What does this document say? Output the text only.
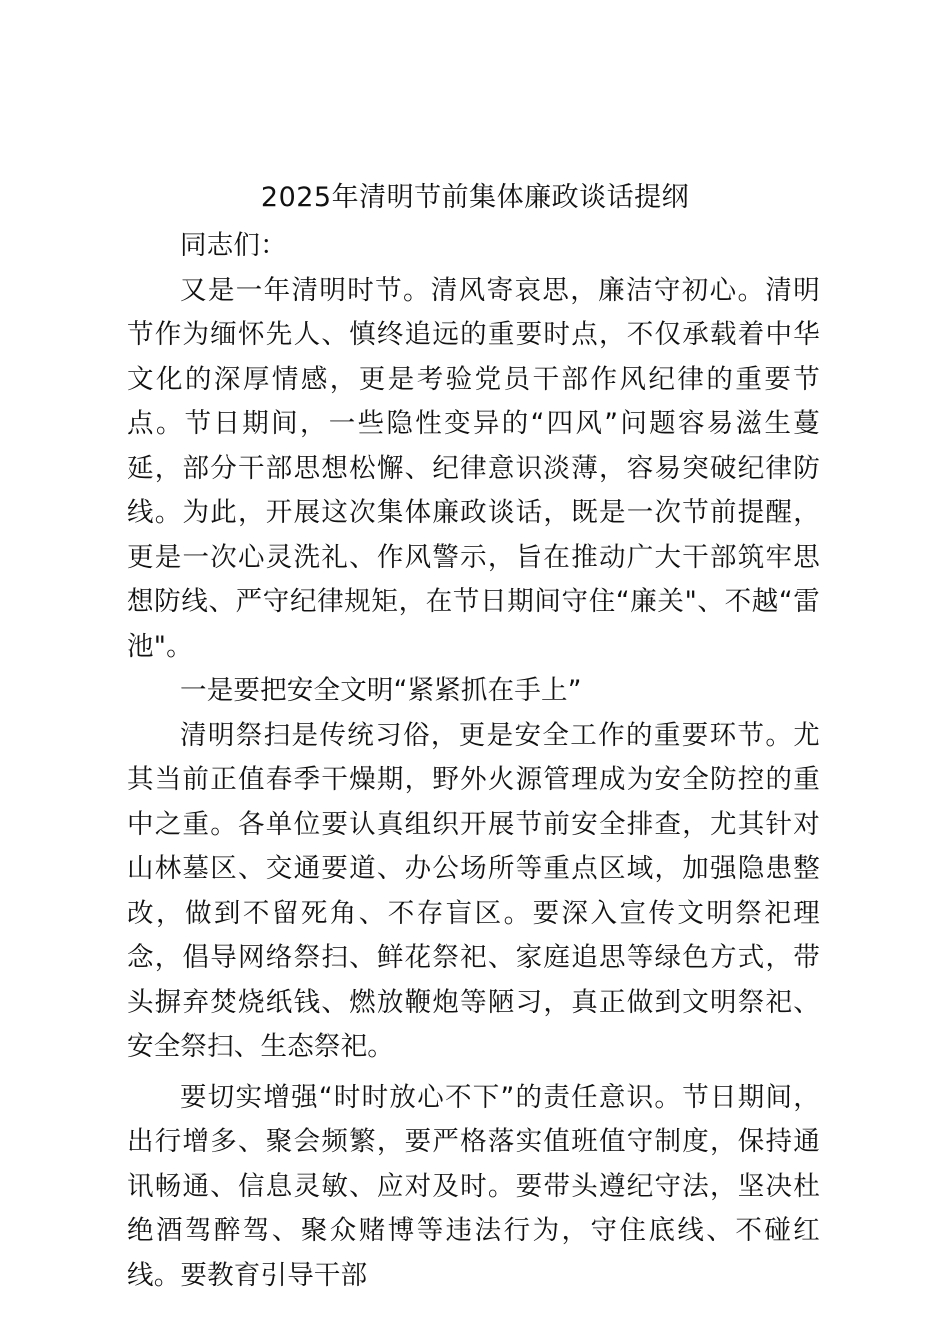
2025年清明节前集体廉政谈话提纲

同志们：

又是一年清明时节。清风寄哀思，廉洁守初心。清明节作为缅怀先人、慎终追远的重要时点，不仅承载着中华文化的深厚情感，更是考验党员干部作风纪律的重要节点。节日期间，一些隐性变异的“四风”问题容易滋生蔓延，部分干部思想松懈、纪律意识淡薄，容易突破纪律防线。为此，开展这次集体廉政谈话，既是一次节前提醒，更是一次心灵洗礼、作风警示，旨在推动广大干部筑牢思想防线、严守纪律规矩，在节日期间守住“廉关"、不越“雷池"。

一是要把安全文明“紧紧抓在手上”

清明祭扫是传统习俗，更是安全工作的重要环节。尤其当前正值春季干燥期，野外火源管理成为安全防控的重中之重。各单位要认真组织开展节前安全排查，尤其针对山林墓区、交通要道、办公场所等重点区域，加强隐患整改，做到不留死角、不存盲区。要深入宣传文明祭祀理念，倡导网络祭扫、鲜花祭祀、家庭追思等绿色方式，带头摒弃焚烧纸钱、燃放鞭炮等陋习，真正做到文明祭祀、安全祭扫、生态祭祀。

要切实增强“时时放心不下”的责任意识。节日期间，出行增多、聚会频繁，要严格落实值班值守制度，保持通讯畅通、信息灵敏、应对及时。要带头遵纪守法，坚决杜绝酒驾醉驾、聚众赌博等违法行为，守住底线、不碰红线。要教育引导干部
